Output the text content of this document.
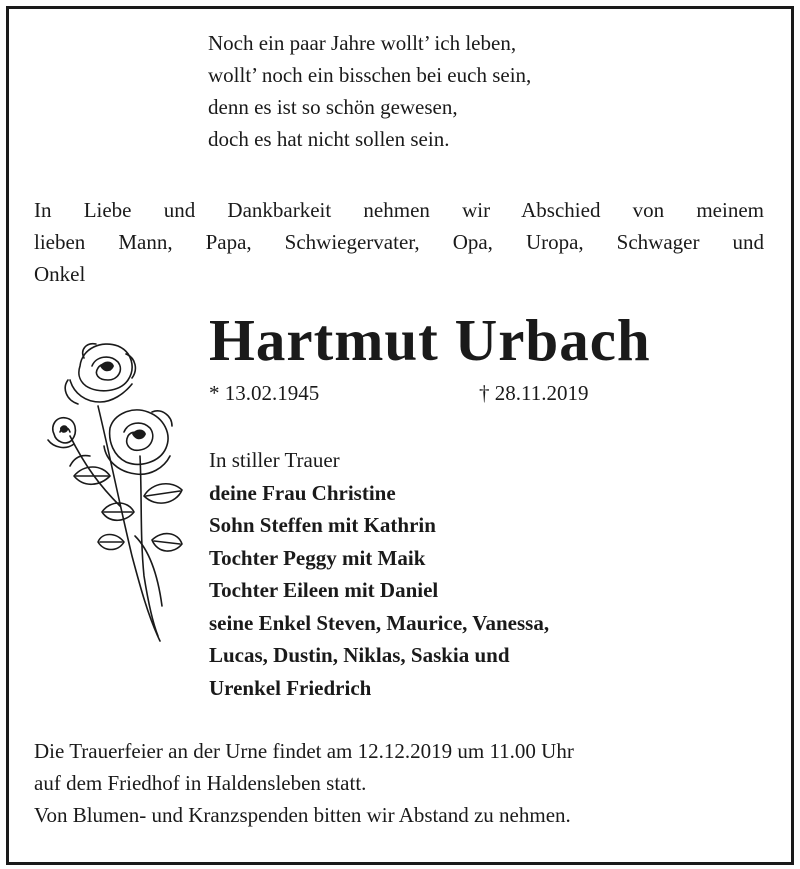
Noch ein paar Jahre wollt’ ich leben,
wollt’ noch ein bisschen bei euch sein,
denn es ist so schön gewesen,
doch es hat nicht sollen sein.
In Liebe und Dankbarkeit nehmen wir Abschied von meinem
lieben Mann, Papa, Schwiegervater, Opa, Uropa, Schwager und
Onkel
Hartmut Urbach
* 13.02.1945	† 28.11.2019
In stiller Trauer
deine Frau Christine
Sohn Steffen mit Kathrin
Tochter Peggy mit Maik
Tochter Eileen mit Daniel
seine Enkel Steven, Maurice, Vanessa,
Lucas, Dustin, Niklas, Saskia und
Urenkel Friedrich
Die Trauerfeier an der Urne findet am 12.12.2019 um 11.00 Uhr
auf dem Friedhof in Haldensleben statt.
Von Blumen- und Kranzspenden bitten wir Abstand zu nehmen.
